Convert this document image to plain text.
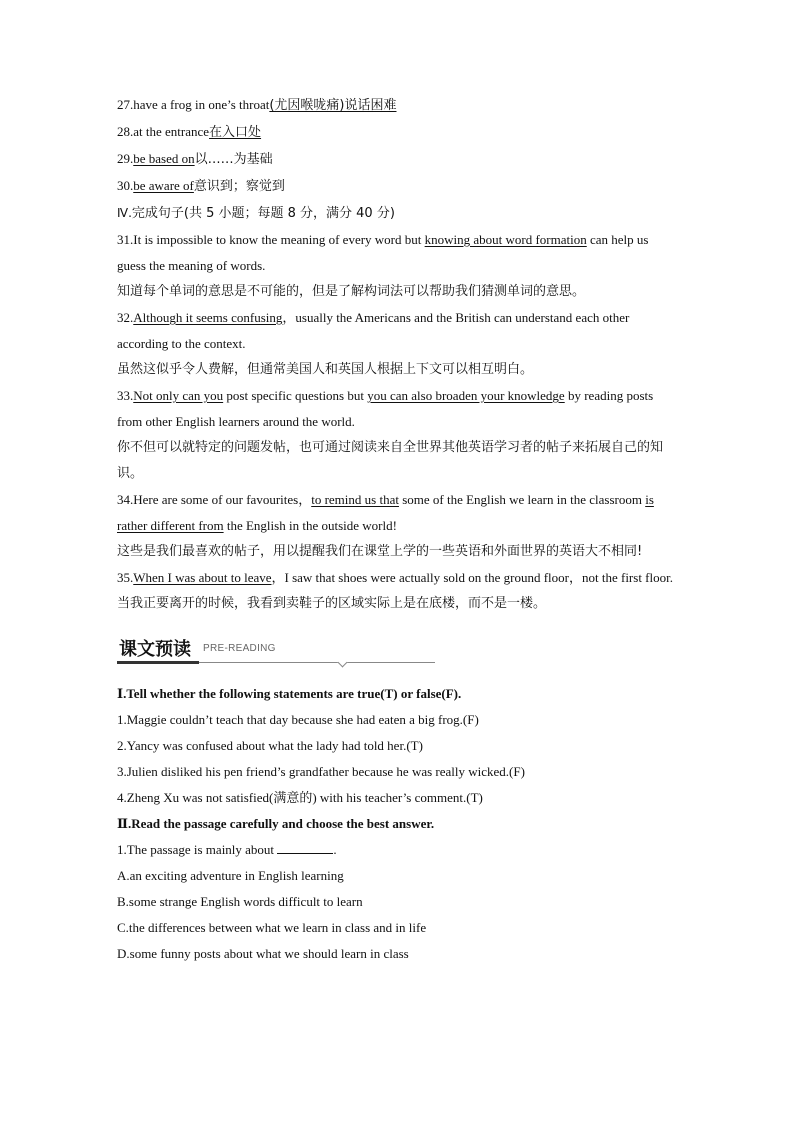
27.have a frog in one’s throat(尤因喉咙痛)说话困难
28.at the entrance在入口处
29.be based on以……为基础
30.be aware of意识到；察觉到
Ⅳ.完成句子(共 5 小题；每题 8 分，满分 40 分)
31.It is impossible to know the meaning of every word but knowing about word formation can help us guess the meaning of words.
知道每个单词的意思是不可能的，但是了解构词法可以帮助我们猜测单词的意思。
32.Although it seems confusing，usually the Americans and the British can understand each other according to the context.
虽然这似乎令人费解，但通常美国人和英国人根据上下文可以相互明白。
33.Not only can you post specific questions but you can also broaden your knowledge by reading posts from other English learners around the world.
你不但可以就特定的问题发帖，也可通过阅读来自全世界其他英语学习者的帖子来拓展自己的知识。
34.Here are some of our favourites，to remind us that some of the English we learn in the classroom is rather different from the English in the outside world!
这些是我们最喜欢的帖子，用以提醒我们在课堂上学的一些英语和外面世界的英语大不相同!
35.When I was about to leave，I saw that shoes were actually sold on the ground floor，not the first floor.
当我正要离开的时候，我看到卖鞋子的区域实际上是在底楼，而不是一楼。
课文预读 PRE-READING
Ⅰ.Tell whether the following statements are true(T) or false(F).
1.Maggie couldn’t teach that day because she had eaten a big frog.(F)
2.Yancy was confused about what the lady had told her.(T)
3.Julien disliked his pen friend’s grandfather because he was really wicked.(F)
4.Zheng Xu was not satisfied(满意的) with his teacher’s comment.(T)
Ⅱ.Read the passage carefully and choose the best answer.
1.The passage is mainly about	.
A.an exciting adventure in English learning
B.some strange English words difficult to learn
C.the differences between what we learn in class and in life
D.some funny posts about what we should learn in class
